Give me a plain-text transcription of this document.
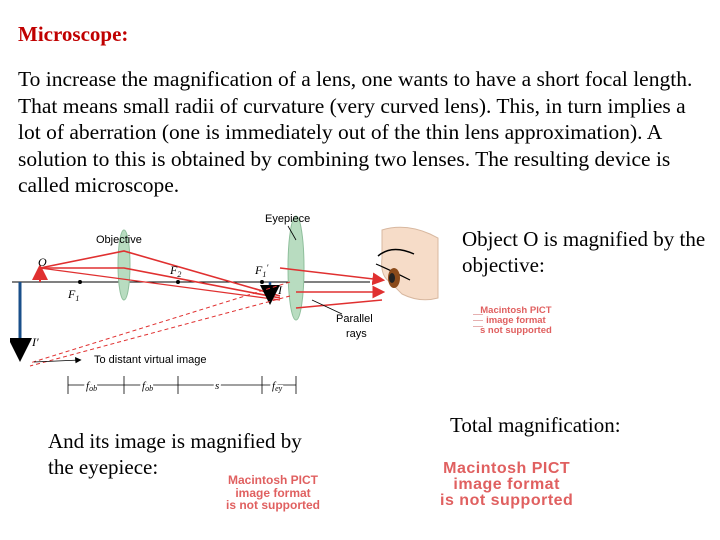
Microscope:
To increase the magnification of a lens, one wants to have a short focal length. That means small radii of curvature (very curved lens). This, in turn implies a lot of aberration (one is immediately out of the thin lens approximation). A solution to this is obtained by combining two lenses. The resulting device is called microscope.
Eyepiece
Objective
O
$F_2$	$F_1'$
I
$F_1$
I′
Parallel
rays
To distant virtual image
fob	fob	s	fey
Object O is magnified by the objective:
And its image is magnified by the eyepiece:
Total magnification:
Macintosh PICT
image format
s not supported
Macintosh PICT
image format
is not supported
Macintosh PICT
image format
is not supported
